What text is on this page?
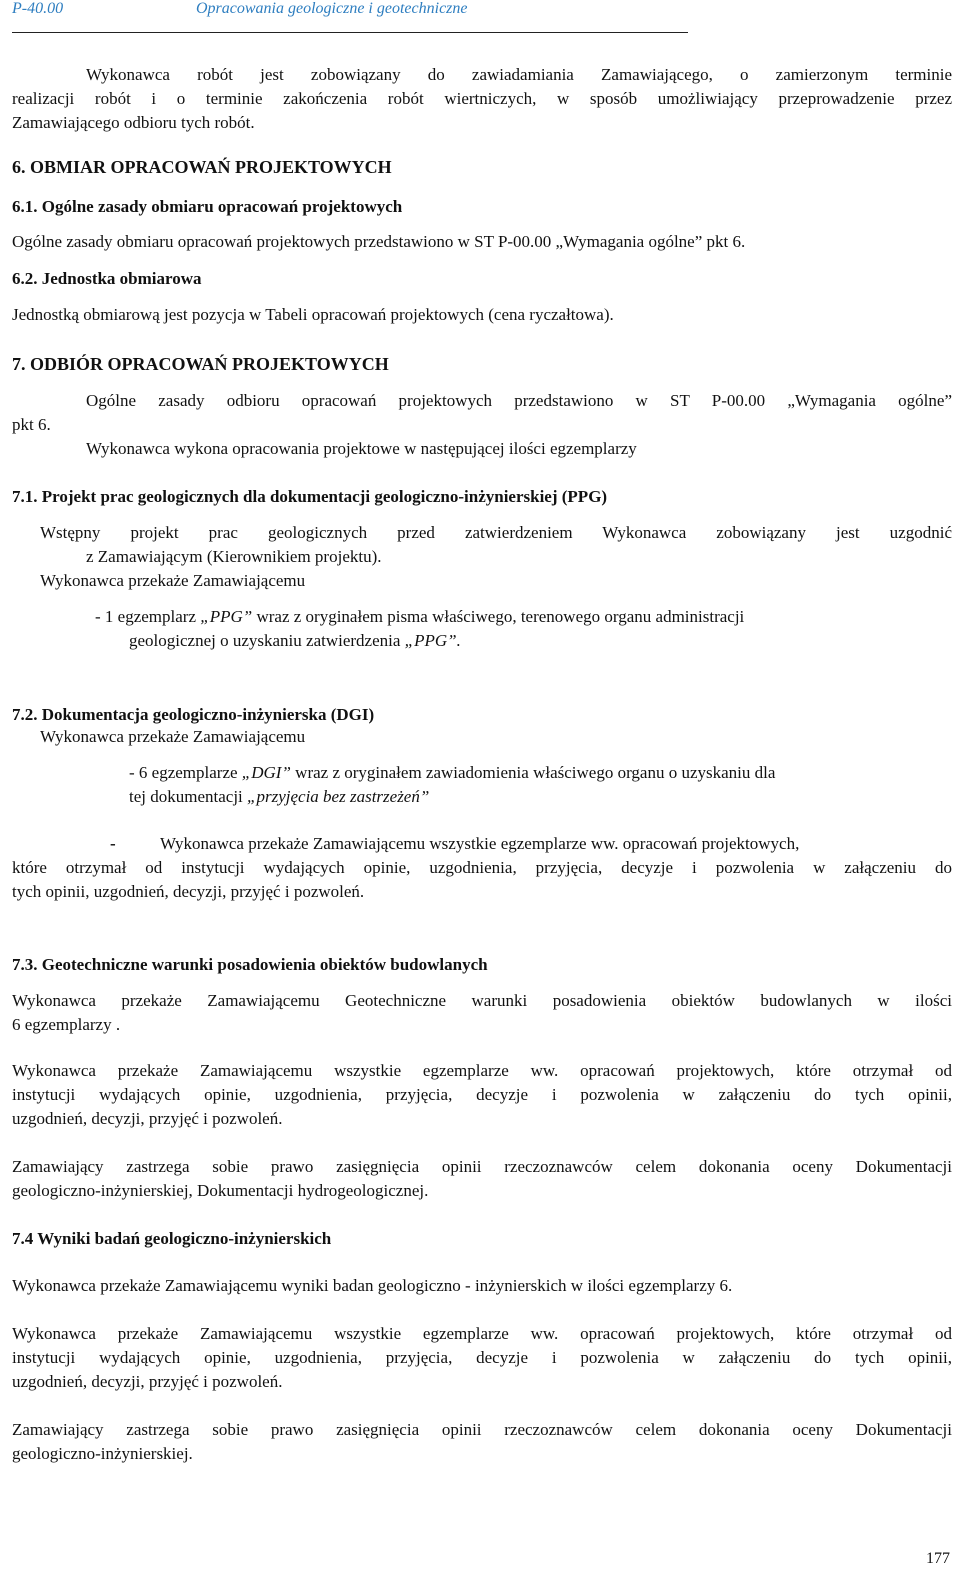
P-40.00	Opracowania geologiczne i geotechniczne
Wykonawca robót jest zobowiązany do zawiadamiania Zamawiającego, o zamierzonym terminie
realizacji robót i o terminie zakończenia robót wiertniczych, w sposób umożliwiający przeprowadzenie przez
Zamawiającego odbioru tych robót.
6. OBMIAR OPRACOWAŃ PROJEKTOWYCH
6.1. Ogólne zasady obmiaru opracowań projektowych
Ogólne zasady obmiaru opracowań projektowych przedstawiono w ST P-00.00 „Wymagania ogólne” pkt 6.
6.2. Jednostka obmiarowa
Jednostką obmiarową jest pozycja w Tabeli opracowań projektowych (cena ryczałtowa).
7. ODBIÓR OPRACOWAŃ PROJEKTOWYCH
Ogólne zasady odbioru opracowań projektowych przedstawiono w ST P-00.00 „Wymagania ogólne”
pkt 6.
Wykonawca wykona opracowania projektowe w następującej ilości egzemplarzy
7.1. Projekt prac geologicznych dla dokumentacji geologiczno-inżynierskiej (PPG)
Wstępny projekt prac geologicznych przed zatwierdzeniem Wykonawca zobowiązany jest uzgodnić
z Zamawiającym (Kierownikiem projektu).
Wykonawca przekaże Zamawiającemu
- 1 egzemplarz „PPG” wraz z oryginałem pisma właściwego, terenowego organu administracji
geologicznej o uzyskaniu zatwierdzenia „PPG”.
7.2. Dokumentacja geologiczno-inżynierska (DGI)
Wykonawca przekaże Zamawiającemu
- 6 egzemplarze „DGI” wraz z oryginałem zawiadomienia właściwego organu o uzyskaniu dla
tej dokumentacji „przyjęcia bez zastrzeżeń”
-	Wykonawca przekaże Zamawiającemu wszystkie egzemplarze ww. opracowań projektowych,
które otrzymał od instytucji wydających opinie, uzgodnienia, przyjęcia, decyzje i pozwolenia w załączeniu do
tych opinii, uzgodnień, decyzji, przyjęć i pozwoleń.
7.3. Geotechniczne warunki posadowienia obiektów budowlanych
Wykonawca przekaże Zamawiającemu Geotechniczne warunki posadowienia obiektów budowlanych w ilości
6 egzemplarzy .
Wykonawca przekaże Zamawiającemu wszystkie egzemplarze ww. opracowań projektowych, które otrzymał od
instytucji wydających opinie, uzgodnienia, przyjęcia, decyzje i pozwolenia w załączeniu do tych opinii,
uzgodnień, decyzji, przyjęć i pozwoleń.
Zamawiający zastrzega sobie prawo zasięgnięcia opinii rzeczoznawców celem dokonania oceny Dokumentacji
geologiczno-inżynierskiej, Dokumentacji hydrogeologicznej.
7.4 Wyniki badań geologiczno-inżynierskich
Wykonawca przekaże Zamawiającemu wyniki badan geologiczno - inżynierskich w ilości egzemplarzy 6.
Wykonawca przekaże Zamawiającemu wszystkie egzemplarze ww. opracowań projektowych, które otrzymał od
instytucji wydających opinie, uzgodnienia, przyjęcia, decyzje i pozwolenia w załączeniu do tych opinii,
uzgodnień, decyzji, przyjęć i pozwoleń.
Zamawiający zastrzega sobie prawo zasięgnięcia opinii rzeczoznawców celem dokonania oceny Dokumentacji
geologiczno-inżynierskiej.
177
